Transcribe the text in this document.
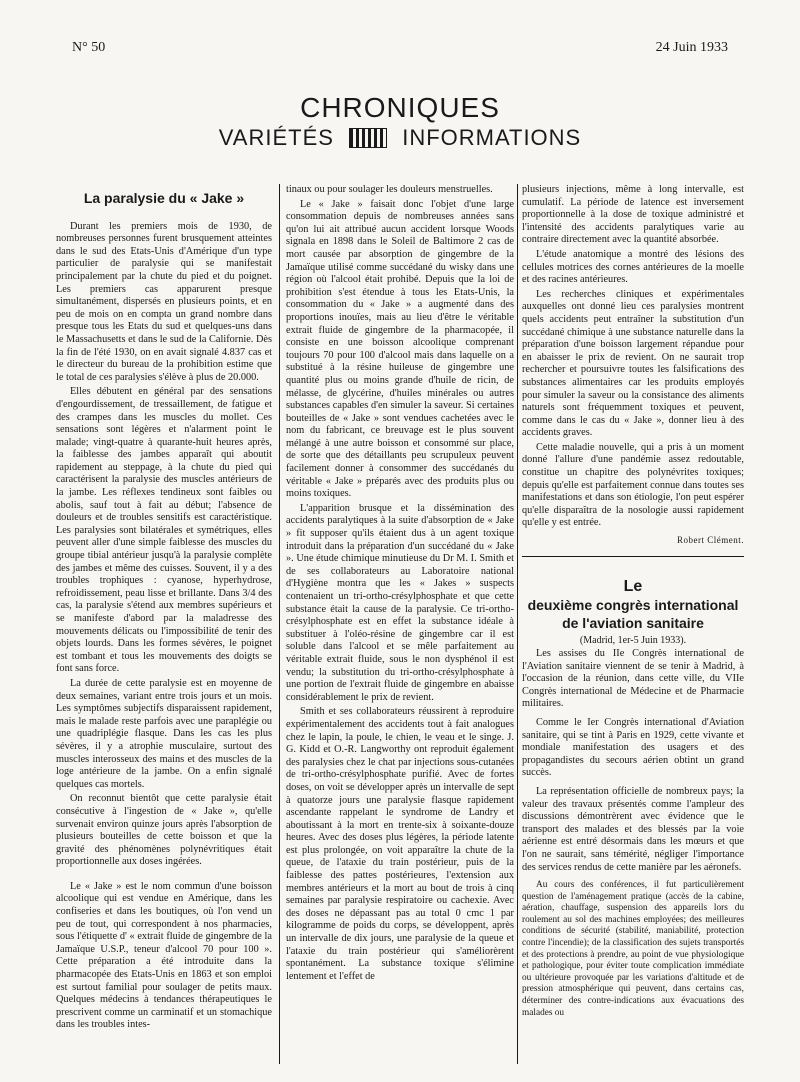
N° 50	24 Juin 1933
CHRONIQUES
VARIÉTÉS	INFORMATIONS
La paralysie du « Jake »

Durant les premiers mois de 1930, de nombreuses personnes furent brusquement atteintes dans le sud des Etats-Unis d'Amérique d'un type particulier de paralysie qui se manifestait principalement par la chute du pied et du poignet. Les premiers cas apparurent presque simultanément, dispersés en plusieurs points, et en peu de mois on en compta un grand nombre dans presque tous les Etats du sud et quelques-uns dans le Massachusetts et dans le sud de la Californie. Dès la fin de l'été 1930, on en avait signalé 4.837 cas et le directeur du bureau de la prohibition estime que le total de ces paralysies s'élève à plus de 20.000.

Elles débutent en général par des sensations d'engourdissement, de tressaillement, de fatigue et des crampes dans les muscles du mollet. Ces sensations sont légères et n'alarment point le malade; vingt-quatre à quarante-huit heures après, la faiblesse des jambes apparaît qui aboutit rapidement au steppage, à la chute du pied qui caractérisent la paralysie des muscles antérieurs de la jambe. Les réflexes tendineux sont faibles ou abolis, sauf tout à fait au début; l'absence de douleurs et de troubles sensitifs est caractéristique. Les paralysies sont bilatérales et symétriques, elles peuvent aller d'une simple faiblesse des muscles du groupe tibial antérieur jusqu'à la paralysie complète des jambes et même des cuisses. Souvent, il y a des troubles trophiques : cyanose, hyperhydrose, refroidissement, peau lisse et brillante. Dans 3/4 des cas, la paralysie s'étend aux membres supérieurs et se manifeste d'abord par la maladresse des mouvements délicats ou l'impossibilité de tenir des objets lourds. Dans les formes sévères, le poignet est tombant et tous les mouvements des doigts se font sans force.

La durée de cette paralysie est en moyenne de deux semaines, variant entre trois jours et un mois. Les symptômes subjectifs disparaissent rapidement, mais le malade reste parfois avec une paraplégie ou une quadriplégie flasque. Dans les cas les plus sévères, il y a atrophie musculaire, surtout des muscles interosseux des mains et des muscles de la loge antérieure de la jambe. On a enfin signalé quelques cas mortels.

On reconnut bientôt que cette paralysie était consécutive à l'ingestion de « Jake », qu'elle survenait environ quinze jours après l'absorption de plusieurs bouteilles de cette boisson et que la gravité des phénomènes polynévritiques était proportionnelle aux doses ingérées.

Le « Jake » est le nom commun d'une boisson alcoolique qui est vendue en Amérique, dans les confiseries et dans les boutiques, où l'on vend un peu de tout, qui correspondent à nos pharmacies, sous l'étiquette d' « extrait fluide de gingembre de la Jamaïque U.S.P., teneur d'alcool 70 pour 100 ». Cette préparation a été introduite dans la pharmacopée des Etats-Unis en 1863 et son emploi est surtout familial pour soulager de petits maux. Quelques médecins à tendances thérapeutiques le prescrivent comme un carminatif et un stomachique dans les troubles intes-

tinaux ou pour soulager les douleurs menstruelles.

Le « Jake » faisait donc l'objet d'une large consommation depuis de nombreuses années sans qu'on lui ait attribué aucun accident lorsque Woods signala en 1898 dans le Soleil de Baltimore 2 cas de mort causée par absorption de gingembre de la Jamaïque utilisé comme succédané du wisky dans une région où l'alcool était prohibé. Depuis que la loi de prohibition s'est étendue à tous les Etats-Unis, la consommation du « Jake » a augmenté dans des proportions inouïes, mais au lieu d'être le véritable extrait fluide de gingembre de la pharmacopée, il consiste en une boisson alcoolique comprenant toujours 70 pour 100 d'alcool mais dans laquelle on a substitué à la résine huileuse de gingembre une quantité plus ou moins grande d'huile de ricin, de mélasse, de glycérine, d'huiles minérales ou autres substances capables d'en simuler la saveur. Si certaines bouteilles de « Jake » sont vendues cachetées avec le nom du fabricant, ce breuvage est le plus souvent mélangé à une autre boisson et consommé sur place, de sorte que des détaillants peu scrupuleux peuvent facilement donner à consommer des succédanés du véritable « Jake » préparés avec des produits plus ou moins toxiques.

L'apparition brusque et la dissémination des accidents paralytiques à la suite d'absorption de « Jake » fit supposer qu'ils étaient dus à un agent toxique introduit dans la préparation d'un succédané du « Jake ». Une étude chimique minutieuse du Dr M. I. Smith et de ses collaborateurs au Laboratoire national d'Hygiène montra que les « Jakes » suspects contenaient un tri-ortho-crésylphosphate et que cette substance était la cause de la paralysie. Ce tri-ortho-crésylphosphate est en effet la substance idéale à substituer à l'oléo-résine de gingembre car il est soluble dans l'alcool et se mêle parfaitement au véritable extrait fluide, sous le non dysphénol il est vendu; la substitution du tri-ortho-crésylphosphate à une portion de l'extrait fluide de gingembre en abaisse considérablement le prix de revient.

Smith et ses collaborateurs réussirent à reproduire expérimentalement des accidents tout à fait analogues chez le lapin, la poule, le chien, le veau et le singe. J. G. Kidd et O.-R. Langworthy ont reproduit également des paralysies chez le chat par injections sous-cutanées de tri-ortho-crésylphosphate purifié. Avec de fortes doses, on voit se développer après un intervalle de sept à quatorze jours une paralysie flasque rapidement ascendante rappelant le syndrome de Landry et aboutissant à la mort en trente-six à soixante-douze heures. Avec des doses plus légères, la période latente est plus prolongée, on voit apparaître la chute de la queue, de l'ataxie du train postérieur, puis de la faiblesse des pattes postérieures, l'extension aux membres antérieurs et la mort au bout de trois à cinq semaines par paralysie respiratoire ou cachexie. Avec des doses ne dépassant pas au total 0 cmc 1 par kilogramme de poids du corps, se développent, après un intervalle de dix jours, une paralysie de la queue et l'ataxie du train postérieur qui s'améliorèrent spontanément. La substance toxique s'élimine lentement et l'effet de

plusieurs injections, même à long intervalle, est cumulatif. La période de latence est inversement proportionnelle à la dose de toxique administré et l'intensité des accidents paralytiques varie au contraire directement avec la quantité absorbée.

L'étude anatomique a montré des lésions des cellules motrices des cornes antérieures de la moelle et des racines antérieures.

Les recherches cliniques et expérimentales auxquelles ont donné lieu ces paralysies montrent quels accidents peut entraîner la substitution d'un succédané chimique à une substance naturelle dans la préparation d'une boisson largement répandue pour en abaisser le prix de revient. On ne saurait trop rechercher et poursuivre toutes les falsifications des substances alimentaires car les produits employés pour simuler la saveur ou la consistance des aliments naturels sont fréquemment toxiques et peuvent, comme dans le cas du « Jake », donner lieu à des accidents graves.

Cette maladie nouvelle, qui a pris à un moment donné l'allure d'une pandémie assez redoutable, constitue un chapitre des polynévrites toxiques; depuis qu'elle est parfaitement connue dans toutes ses manifestations et dans son étiologie, l'on peut espérer qu'elle disparaîtra de la nosologie aussi rapidement qu'elle y est entrée.

Robert Clément.
Le
deuxième congrès international
de l'aviation sanitaire
(Madrid, 1er-5 Juin 1933).

Les assises du IIe Congrès international de l'Aviation sanitaire viennent de se tenir à Madrid, à l'occasion de la réunion, dans cette ville, du VIIe Congrès international de Médecine et de Pharmacie militaires.

Comme le Ier Congrès international d'Aviation sanitaire, qui se tint à Paris en 1929, cette vivante et mondiale manifestation des usagers et des propagandistes du secours aérien obtint un grand succès.

La représentation officielle de nombreux pays; la valeur des travaux présentés comme l'ampleur des discussions démontrèrent avec évidence que le transport des malades et des blessés par la voie aérienne est entré désormais dans les mœurs et que l'on ne saurait, sans témérité, négliger l'importance des services rendus de cette manière par les aéronefs.

Au cours des conférences, il fut particulièrement question de l'aménagement pratique (accès de la cabine, aération, chauffage, suspension des appareils lors du roulement au sol des machines employées; des meilleures conditions de sécurité (stabilité, maniabilité, protection contre l'incendie); de la classification des sujets transportés et des protections à prendre, au point de vue physiologique et pathologique, pour éviter toute complication immédiate ou ultérieure provoquée par les variations d'altitude et de pression atmosphérique qui peuvent, dans certains cas, déterminer des contre-indications aux évacuations des malades ou
